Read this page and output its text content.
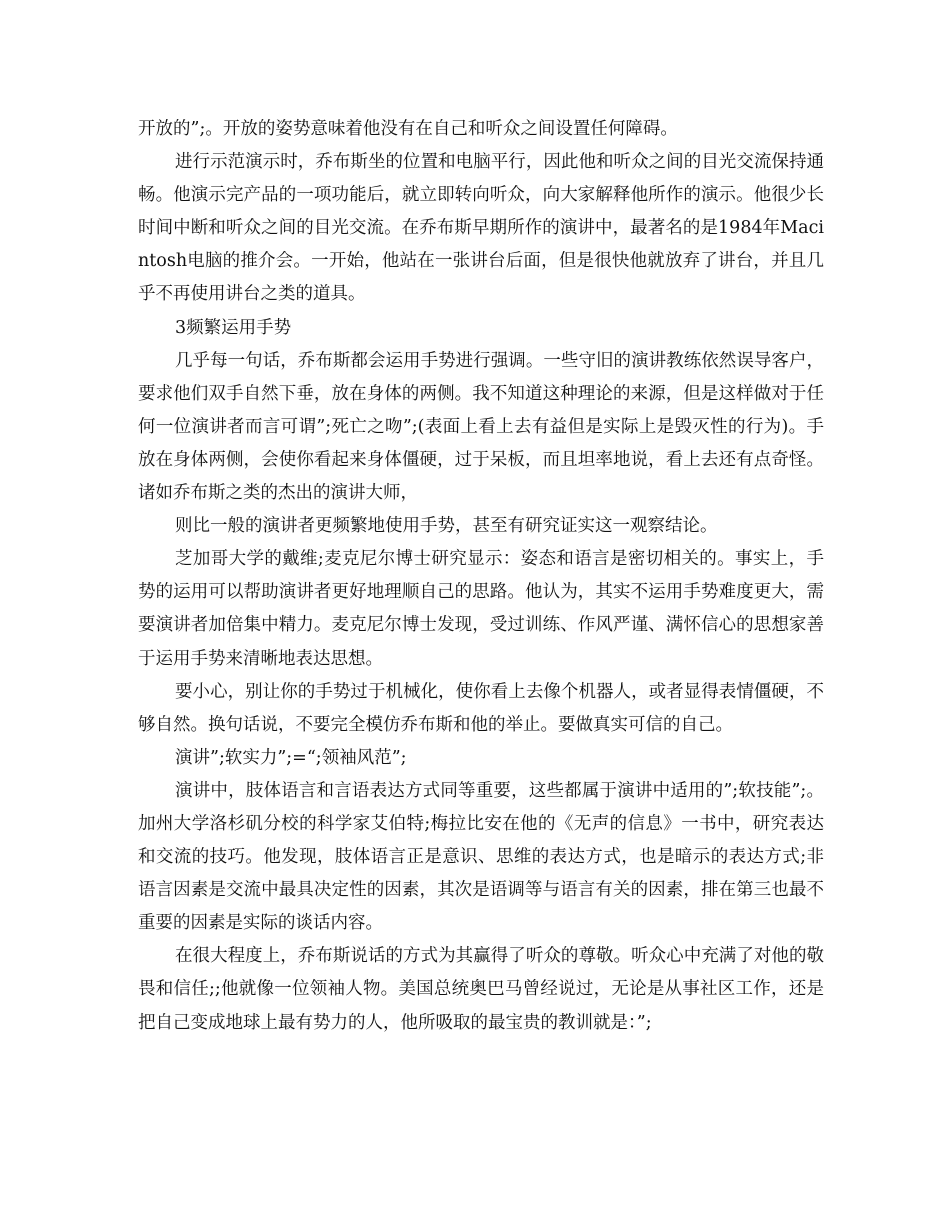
开放的”;。开放的姿势意味着他没有在自己和听众之间设置任何障碍。

进行示范演示时，乔布斯坐的位置和电脑平行，因此他和听众之间的目光交流保持通畅。他演示完产品的一项功能后，就立即转向听众，向大家解释他所作的演示。他很少长时间中断和听众之间的目光交流。在乔布斯早期所作的演讲中，最著名的是1984年Macintosh电脑的推介会。一开始，他站在一张讲台后面，但是很快他就放弃了讲台，并且几乎不再使用讲台之类的道具。

3频繁运用手势

几乎每一句话，乔布斯都会运用手势进行强调。一些守旧的演讲教练依然误导客户，要求他们双手自然下垂，放在身体的两侧。我不知道这种理论的来源，但是这样做对于任何一位演讲者而言可谓”;死亡之吻”;(表面上看上去有益但是实际上是毁灭性的行为)。手放在身体两侧，会使你看起来身体僵硬，过于呆板，而且坦率地说，看上去还有点奇怪。诸如乔布斯之类的杰出的演讲大师，

则比一般的演讲者更频繁地使用手势，甚至有研究证实这一观察结论。

芝加哥大学的戴维;麦克尼尔博士研究显示：姿态和语言是密切相关的。事实上，手势的运用可以帮助演讲者更好地理顺自己的思路。他认为，其实不运用手势难度更大，需要演讲者加倍集中精力。麦克尼尔博士发现，受过训练、作风严谨、满怀信心的思想家善于运用手势来清晰地表达思想。

要小心，别让你的手势过于机械化，使你看上去像个机器人，或者显得表情僵硬，不够自然。换句话说，不要完全模仿乔布斯和他的举止。要做真实可信的自己。

演讲”;软实力”;=“;领袖风范”;

演讲中，肢体语言和言语表达方式同等重要，这些都属于演讲中适用的”;软技能”;。加州大学洛杉矶分校的科学家艾伯特;梅拉比安在他的《无声的信息》一书中，研究表达和交流的技巧。他发现，肢体语言正是意识、思维的表达方式，也是暗示的表达方式;非语言因素是交流中最具决定性的因素，其次是语调等与语言有关的因素，排在第三也最不重要的因素是实际的谈话内容。

在很大程度上，乔布斯说话的方式为其赢得了听众的尊敬。听众心中充满了对他的敬畏和信任;;他就像一位领袖人物。美国总统奥巴马曾经说过，无论是从事社区工作，还是把自己变成地球上最有势力的人，他所吸取的最宝贵的教训就是：”;
